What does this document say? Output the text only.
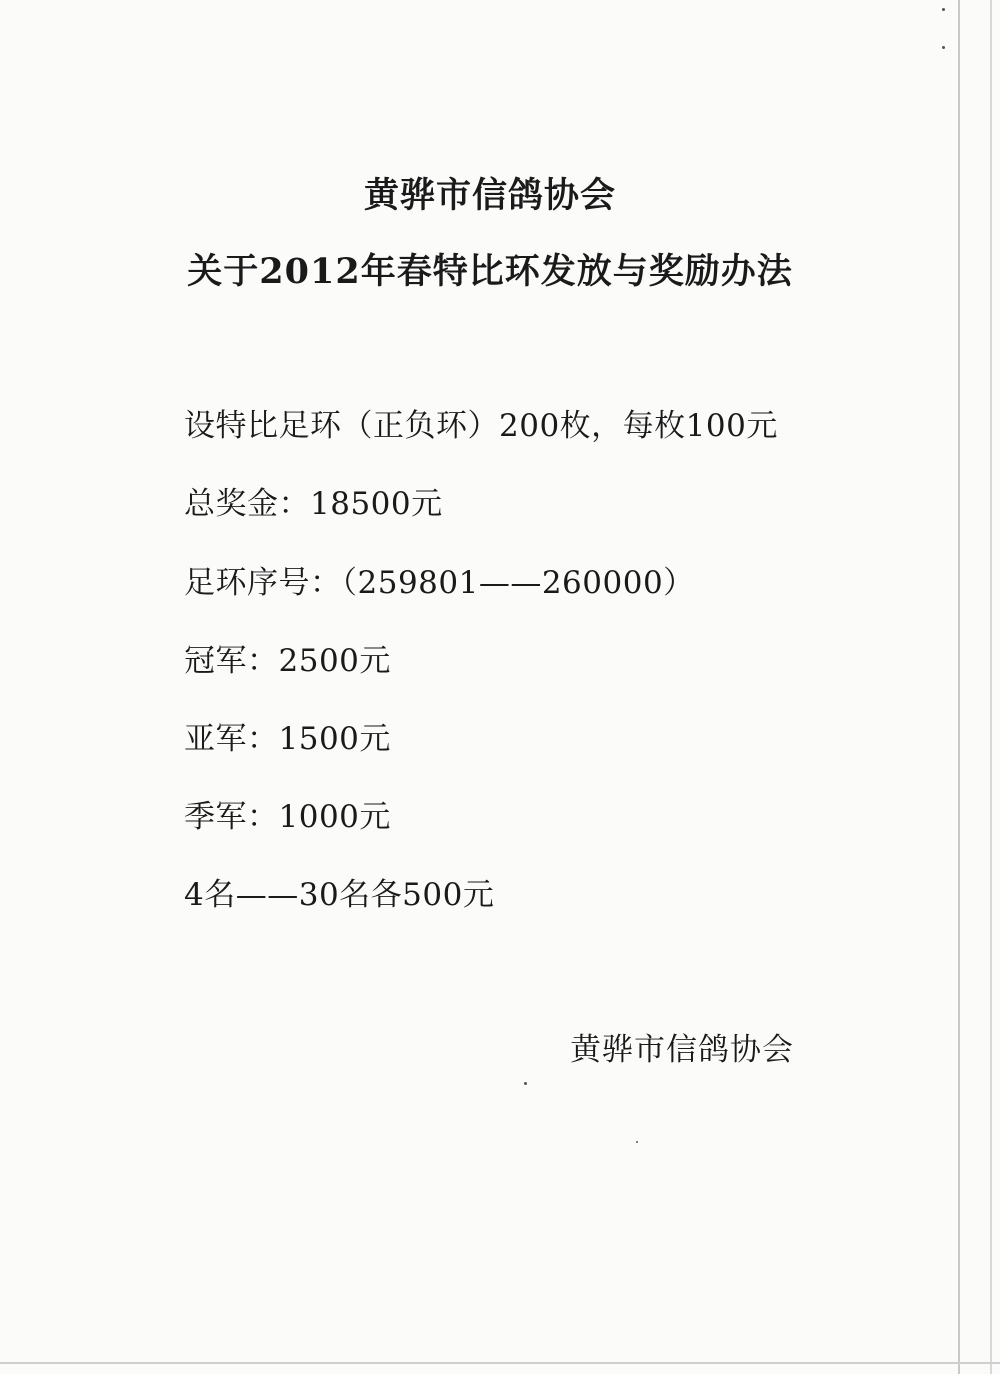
黄骅市信鸽协会
关于2012年春特比环发放与奖励办法
设特比足环（正负环）200枚，每枚100元
总奖金：18500元
足环序号：（259801——260000）
冠军：2500元
亚军：1500元
季军：1000元
4名——30名各500元
黄骅市信鸽协会
